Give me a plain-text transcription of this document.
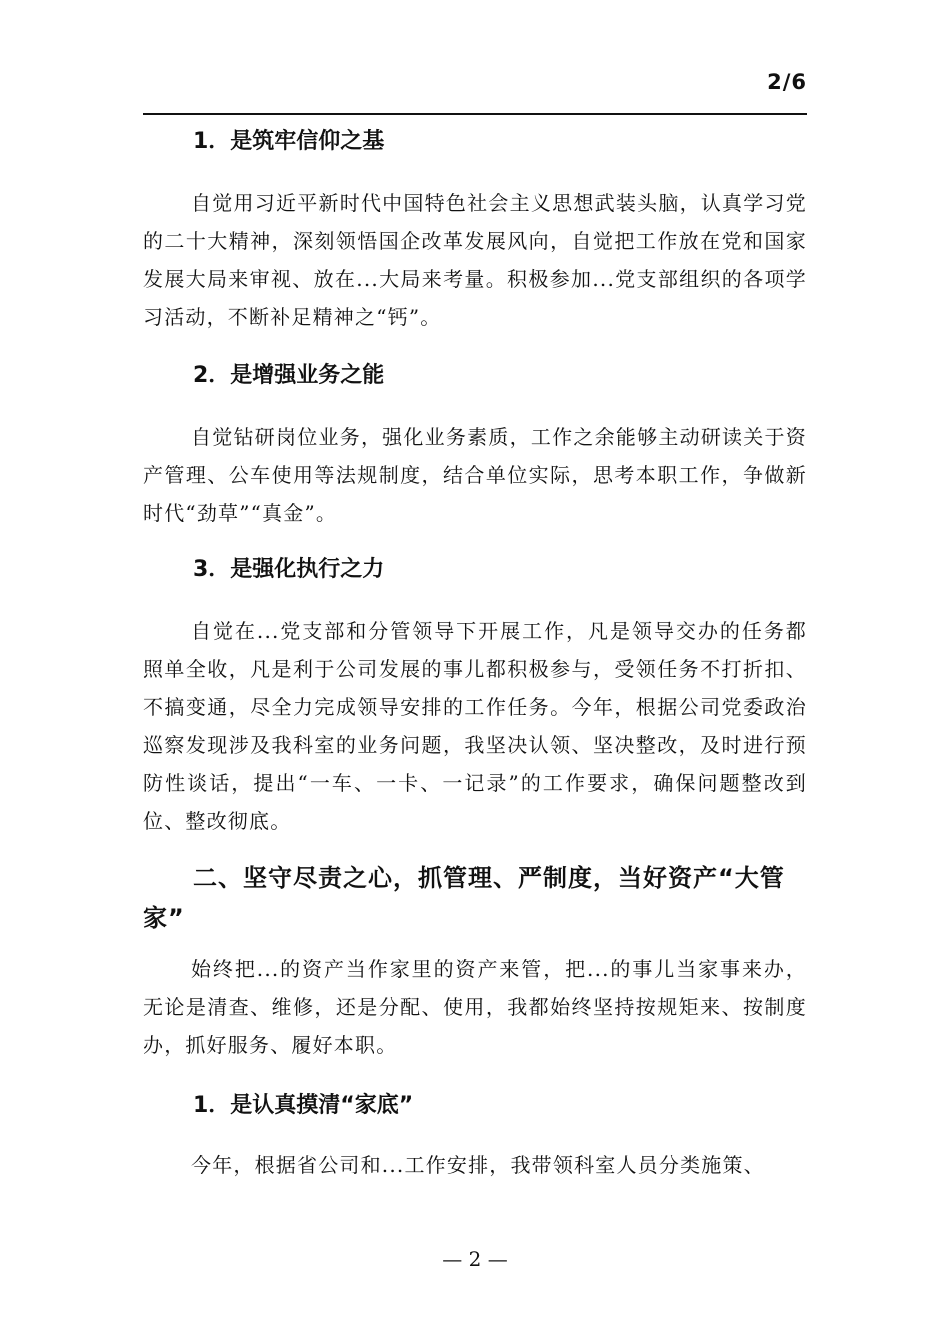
2/6

1．是筑牢信仰之基

自觉用习近平新时代中国特色社会主义思想武装头脑，认真学习党的二十大精神，深刻领悟国企改革发展风向，自觉把工作放在党和国家发展大局来审视、放在...大局来考量。积极参加...党支部组织的各项学习活动，不断补足精神之“钙”。

2．是增强业务之能

自觉钻研岗位业务，强化业务素质，工作之余能够主动研读关于资产管理、公车使用等法规制度，结合单位实际，思考本职工作，争做新时代“劲草”“真金”。

3．是强化执行之力

自觉在...党支部和分管领导下开展工作，凡是领导交办的任务都照单全收，凡是利于公司发展的事儿都积极参与，受领任务不打折扣、不搞变通，尽全力完成领导安排的工作任务。今年，根据公司党委政治巡察发现涉及我科室的业务问题，我坚决认领、坚决整改，及时进行预防性谈话，提出“一车、一卡、一记录”的工作要求，确保问题整改到位、整改彻底。

二、坚守尽责之心，抓管理、严制度，当好资产“大管家”

始终把...的资产当作家里的资产来管，把...的事儿当家事来办，无论是清查、维修，还是分配、使用，我都始终坚持按规矩来、按制度办，抓好服务、履好本职。

1．是认真摸清“家底”

今年，根据省公司和...工作安排，我带领科室人员分类施策、

— 2 —
